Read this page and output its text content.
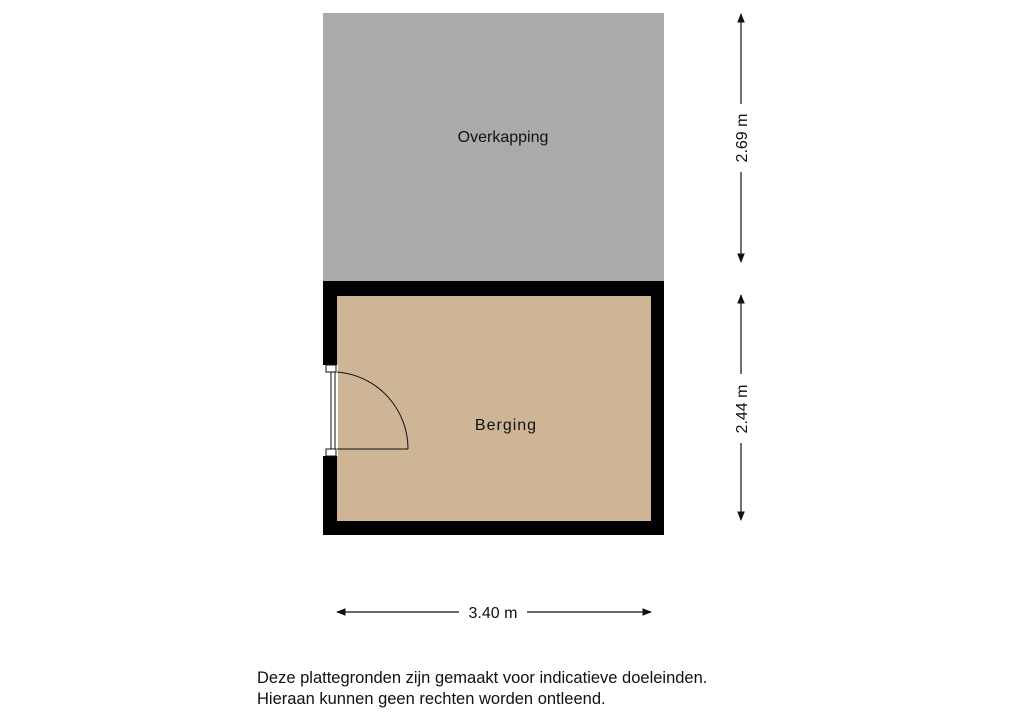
Overkapping
Berging
2.69 m
2.44 m
3.40 m
Deze plattegronden zijn gemaakt voor indicatieve doeleinden.
Hieraan kunnen geen rechten worden ontleend.
